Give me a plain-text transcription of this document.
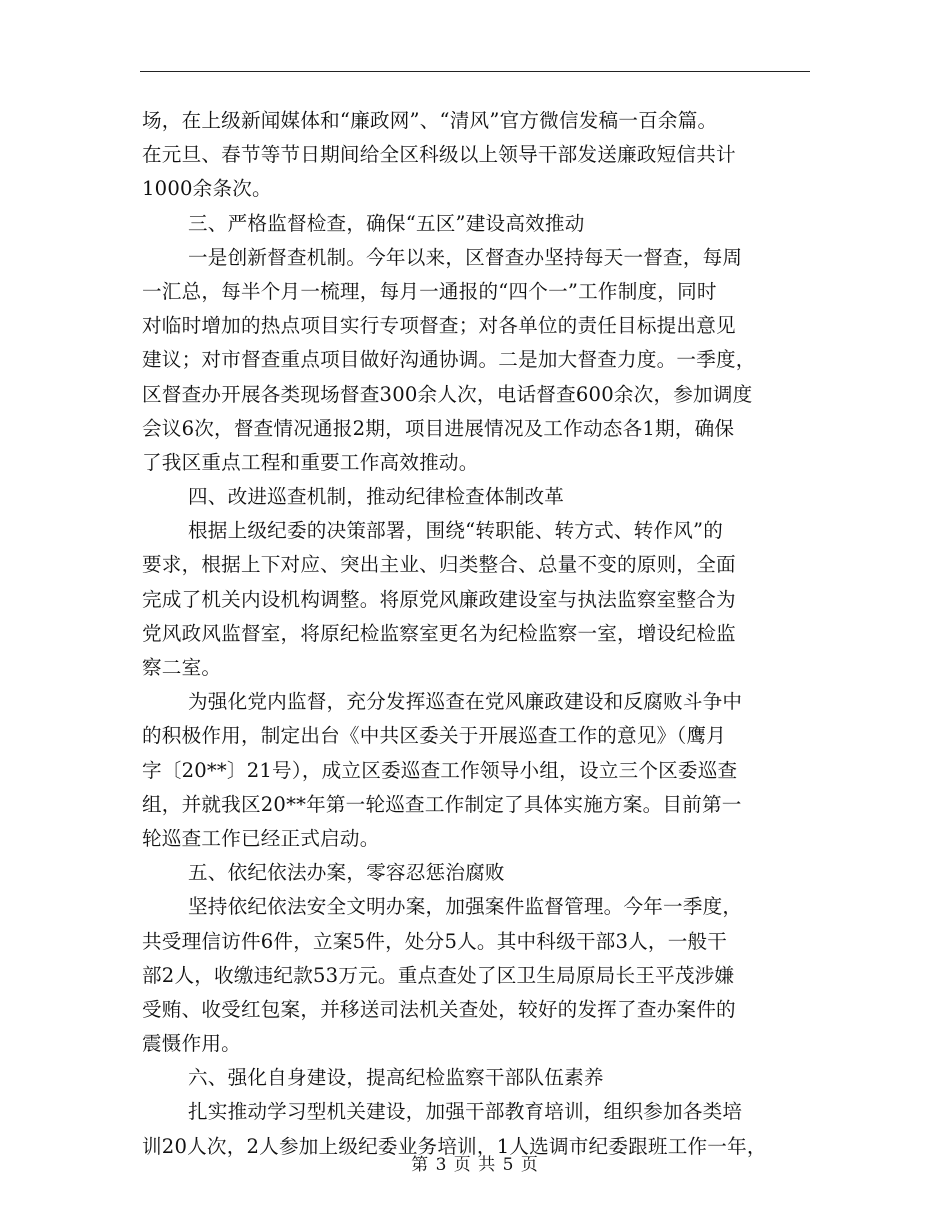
场，在上级新闻媒体和“廉政网”、“清风”官方微信发稿一百余篇。
在元旦、春节等节日期间给全区科级以上领导干部发送廉政短信共计
1000余条次。
三、严格监督检查，确保“五区”建设高效推动
一是创新督查机制。今年以来，区督查办坚持每天一督查，每周
一汇总，每半个月一梳理，每月一通报的“四个一”工作制度，同时
对临时增加的热点项目实行专项督查；对各单位的责任目标提出意见
建议；对市督查重点项目做好沟通协调。二是加大督查力度。一季度，
区督查办开展各类现场督查300余人次，电话督查600余次，参加调度
会议6次，督查情况通报2期，项目进展情况及工作动态各1期，确保
了我区重点工程和重要工作高效推动。
四、改进巡查机制，推动纪律检查体制改革
根据上级纪委的决策部署，围绕“转职能、转方式、转作风”的
要求，根据上下对应、突出主业、归类整合、总量不变的原则，全面
完成了机关内设机构调整。将原党风廉政建设室与执法监察室整合为
党风政风监督室，将原纪检监察室更名为纪检监察一室，增设纪检监
察二室。
为强化党内监督，充分发挥巡查在党风廉政建设和反腐败斗争中
的积极作用，制定出台《中共区委关于开展巡查工作的意见》（鹰月
字〔20**〕21号），成立区委巡查工作领导小组，设立三个区委巡查
组，并就我区20**年第一轮巡查工作制定了具体实施方案。目前第一
轮巡查工作已经正式启动。
五、依纪依法办案，零容忍惩治腐败
坚持依纪依法安全文明办案，加强案件监督管理。今年一季度，
共受理信访件6件，立案5件，处分5人。其中科级干部3人，一般干
部2人，收缴违纪款53万元。重点查处了区卫生局原局长王平茂涉嫌
受贿、收受红包案，并移送司法机关查处，较好的发挥了查办案件的
震慑作用。
六、强化自身建设，提高纪检监察干部队伍素养
扎实推动学习型机关建设，加强干部教育培训，组织参加各类培
训20人次，2人参加上级纪委业务培训，1人选调市纪委跟班工作一年，
第 3 页 共 5 页
